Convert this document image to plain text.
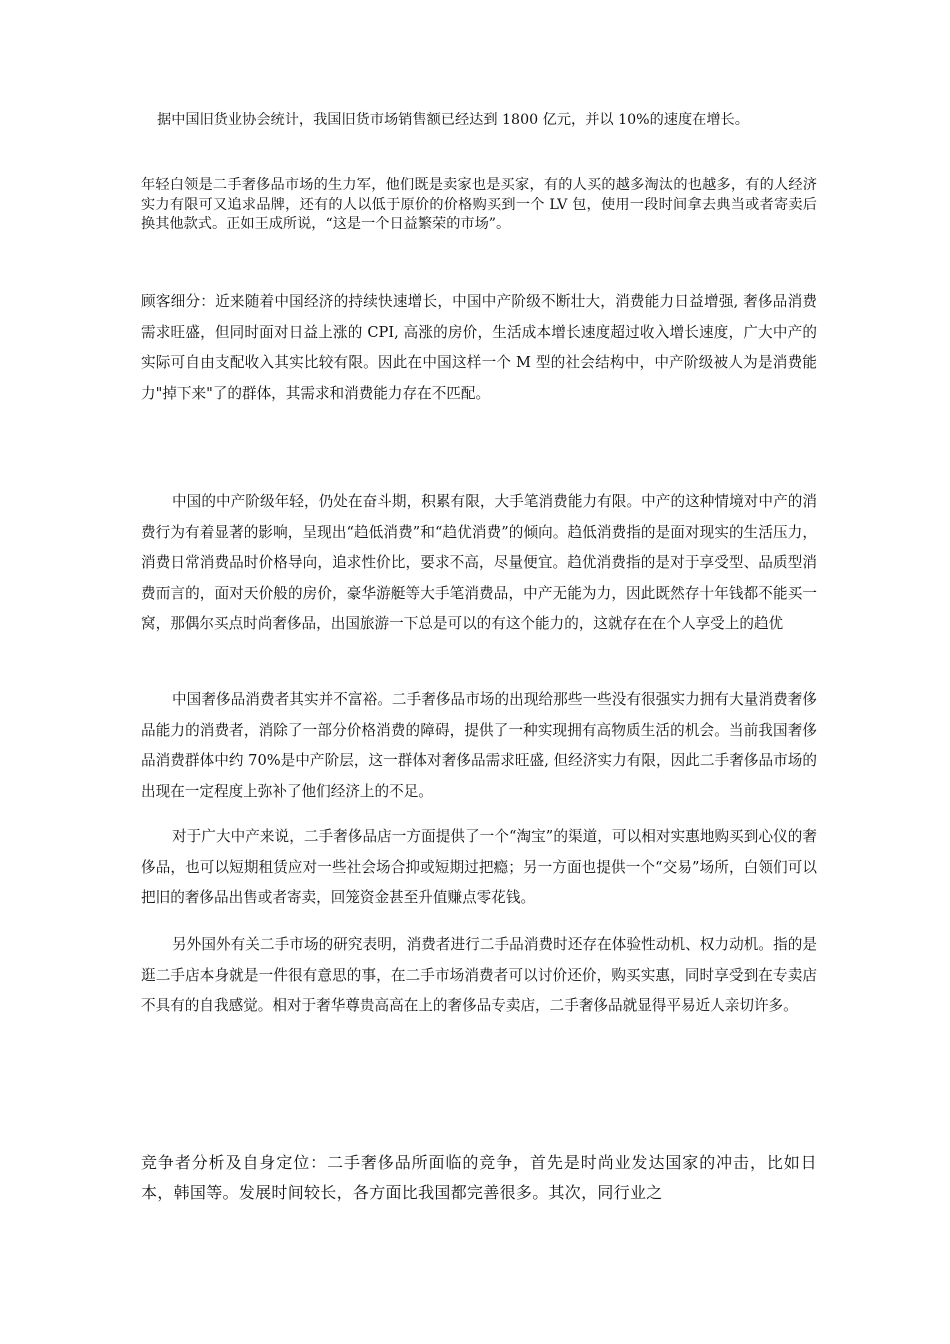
据中国旧货业协会统计，我国旧货市场销售额已经达到 1800 亿元，并以 10%的速度在增长。

年轻白领是二手奢侈品市场的生力军，他们既是卖家也是买家，有的人买的越多淘汰的也越多，有的人经济实力有限可又追求品牌，还有的人以低于原价的价格购买到一个 LV 包，使用一段时间拿去典当或者寄卖后换其他款式。正如王成所说，“这是一个日益繁荣的市场”。

顾客细分：近来随着中国经济的持续快速增长，中国中产阶级不断壮大，消费能力日益增强, 奢侈品消费需求旺盛，但同时面对日益上涨的 CPI, 高涨的房价，生活成本增长速度超过收入增长速度，广大中产的实际可自由支配收入其实比较有限。因此在中国这样一个 M 型的社会结构中，中产阶级被人为是消费能力"掉下来"了的群体，其需求和消费能力存在不匹配。

中国的中产阶级年轻，仍处在奋斗期，积累有限，大手笔消费能力有限。中产的这种情境对中产的消费行为有着显著的影响，呈现出“趋低消费”和“趋优消费”的倾向。趋低消费指的是面对现实的生活压力，消费日常消费品时价格导向，追求性价比，要求不高，尽量便宜。趋优消费指的是对于享受型、品质型消费而言的，面对天价般的房价，豪华游艇等大手笔消费品，中产无能为力，因此既然存十年钱都不能买一窝，那偶尔买点时尚奢侈品，出国旅游一下总是可以的有这个能力的，这就存在在个人享受上的趋优

中国奢侈品消费者其实并不富裕。二手奢侈品市场的出现给那些一些没有很强实力拥有大量消费奢侈品能力的消费者，消除了一部分价格消费的障碍，提供了一种实现拥有高物质生活的机会。当前我国奢侈品消费群体中约 70%是中产阶层，这一群体对奢侈品需求旺盛, 但经济实力有限，因此二手奢侈品市场的出现在一定程度上弥补了他们经济上的不足。

对于广大中产来说，二手奢侈品店一方面提供了一个“淘宝”的渠道，可以相对实惠地购买到心仪的奢侈品，也可以短期租赁应对一些社会场合抑或短期过把瘾；另一方面也提供一个“交易”场所，白领们可以把旧的奢侈品出售或者寄卖，回笼资金甚至升值赚点零花钱。

另外国外有关二手市场的研究表明，消费者进行二手品消费时还存在体验性动机、权力动机。指的是逛二手店本身就是一件很有意思的事，在二手市场消费者可以讨价还价，购买实惠，同时享受到在专卖店不具有的自我感觉。相对于奢华尊贵高高在上的奢侈品专卖店，二手奢侈品就显得平易近人亲切许多。

竞争者分析及自身定位：二手奢侈品所面临的竞争，首先是时尚业发达国家的冲击，比如日本，韩国等。发展时间较长，各方面比我国都完善很多。其次，同行业之
